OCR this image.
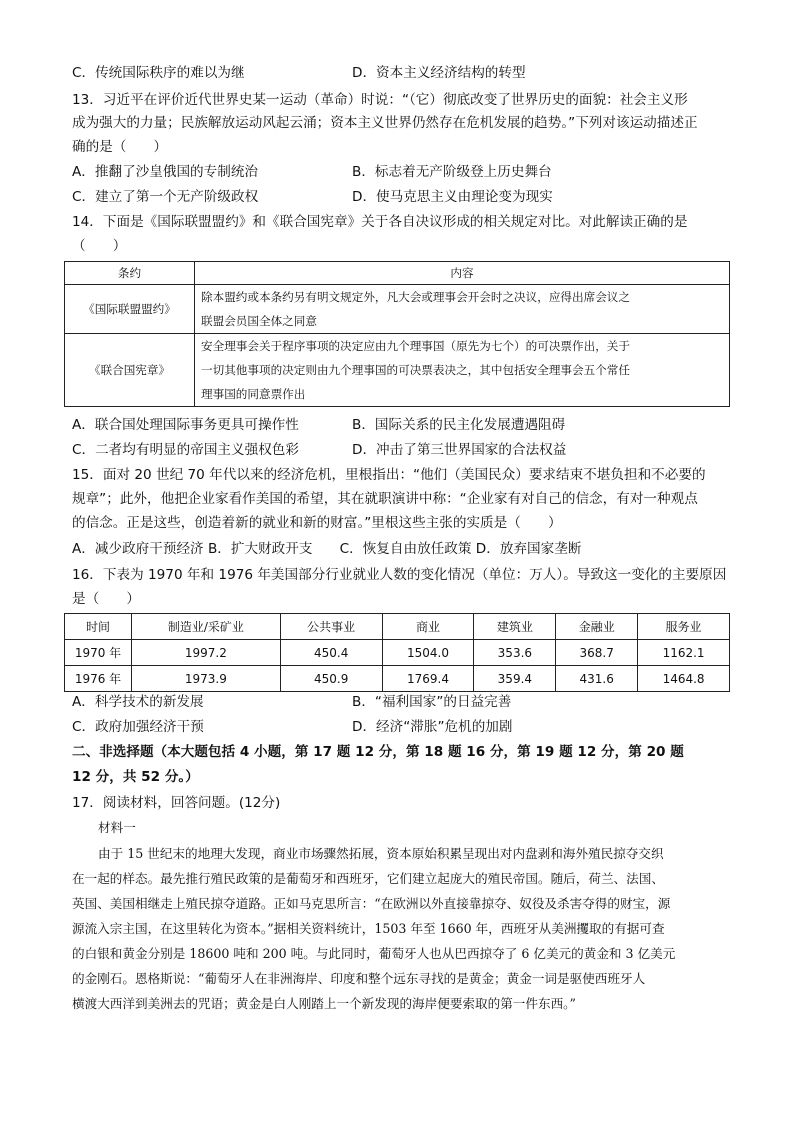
C．传统国际秩序的难以为继	D．资本主义经济结构的转型
13．习近平在评价近代世界史某一运动（革命）时说：“（它）彻底改变了世界历史的面貌：社会主义形
成为强大的力量；民族解放运动风起云涌；资本主义世界仍然存在危机发展的趋势。”下列对该运动描述正
确的是（　　）
A．推翻了沙皇俄国的专制统治	B．标志着无产阶级登上历史舞台
C．建立了第一个无产阶级政权	D．使马克思主义由理论变为现实
14．下面是《国际联盟盟约》和《联合国宪章》关于各自决议形成的相关规定对比。对此解读正确的是
（　　）
条约	内容
《国际联盟盟约》	除本盟约或本条约另有明文规定外，凡大会或理事会开会时之决议，应得出席会议之
联盟会员国全体之同意

《联合国宪章》	安全理事会关于程序事项的决定应由九个理事国（原先为七个）的可决票作出，关于
一切其他事项的决定则由九个理事国的可决票表决之，其中包括安全理事会五个常任
理事国的同意票作出
A．联合国处理国际事务更具可操作性	B．国际关系的民主化发展遭遇阻碍
C．二者均有明显的帝国主义强权色彩	D．冲击了第三世界国家的合法权益
15．面对 20 世纪 70 年代以来的经济危机，里根指出：“他们（美国民众）要求结束不堪负担和不必要的
规章”；此外，他把企业家看作美国的希望，其在就职演讲中称：“企业家有对自己的信念，有对一种观点
的信念。正是这些，创造着新的就业和新的财富。”里根这些主张的实质是（　　）
A．减少政府干预经济 B．扩大财政开支　　C．恢复自由放任政策 D．放弃国家垄断
16．下表为 1970 年和 1976 年美国部分行业就业人数的变化情况（单位：万人）。导致这一变化的主要原因
是（　　）
时间	制造业/采矿业	公共事业	商业	建筑业	金融业	服务业
1970 年	1997.2	450.4	1504.0	353.6	368.7	1162.1
1976 年	1973.9	450.9	1769.4	359.4	431.6	1464.8
A．科学技术的新发展	B．“福利国家”的日益完善
C．政府加强经济干预	D．经济“滞胀”危机的加剧
二、非选择题（本大题包括 4 小题，第 17 题 12 分，第 18 题 16 分，第 19 题 12 分，第 20 题
12 分，共 52 分。）
17．阅读材料，回答问题。(12分)
材料一
由于 15 世纪末的地理大发现，商业市场骤然拓展，资本原始积累呈现出对内盘剥和海外殖民掠夺交织
在一起的样态。最先推行殖民政策的是葡萄牙和西班牙，它们建立起庞大的殖民帝国。随后，荷兰、法国、
英国、美国相继走上殖民掠夺道路。正如马克思所言：“在欧洲以外直接靠掠夺、奴役及杀害夺得的财宝，源
源流入宗主国，在这里转化为资本。”据相关资料统计，1503 年至 1660 年，西班牙从美洲攫取的有据可查
的白银和黄金分别是 18600 吨和 200 吨。与此同时，葡萄牙人也从巴西掠夺了 6 亿美元的黄金和 3 亿美元
的金刚石。恩格斯说：“葡萄牙人在非洲海岸、印度和整个远东寻找的是黄金；黄金一词是驱使西班牙人
横渡大西洋到美洲去的咒语；黄金是白人刚踏上一个新发现的海岸便要索取的第一件东西。”
